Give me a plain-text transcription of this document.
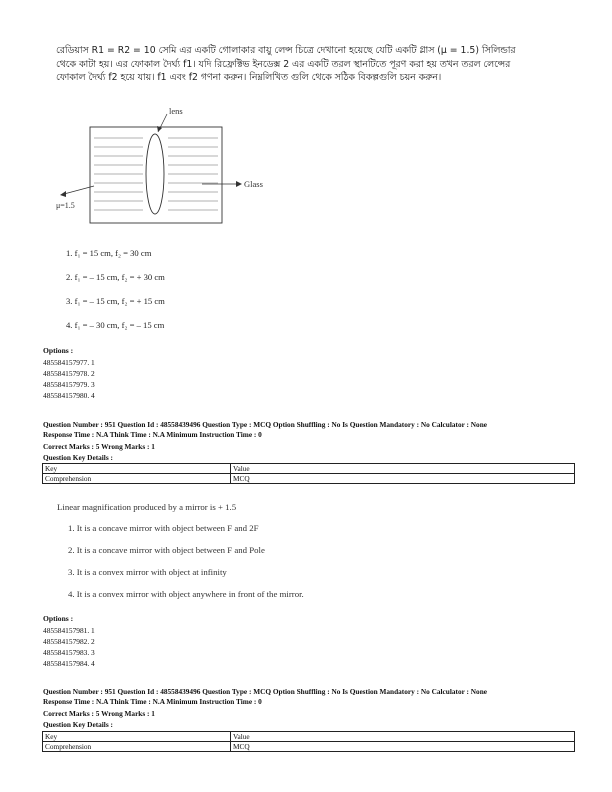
রেডিয়াস R1 = R2 = 10 সেমি এর একটি গোলাকার বায়ু লেন্স চিত্রে দেখানো হয়েছে যেটি একটি গ্লাস (μ = 1.5) সিলিন্ডার থেকে কাটা হয়। এর ফোকাল দৈর্ঘ্য f1। যদি রিফ্রেক্টিভ ইনডেক্স 2 এর একটি তরল স্থানটিতে পূরণ করা হয় তখন তরল লেন্সের ফোকাল দৈর্ঘ্য f2 হয়ে যায়। f1 এবং f2 গণনা করুন। নিম্নলিখিত গুলি থেকে সঠিক বিকল্পগুলি চয়ন করুন।
lens
Glass
μ=1.5
1. f₁ = 15 cm, f₂ = 30 cm
2. f₁ = – 15 cm, f₂ = + 30 cm
3. f₁ = – 15 cm, f₂ = + 15 cm
4. f₁ = – 30 cm, f₂ = – 15 cm
Options :
485584157977. 1
485584157978. 2
485584157979. 3
485584157980. 4
Question Number : 951 Question Id : 48558439496 Question Type : MCQ Option Shuffling : No Is Question Mandatory : No Calculator : None
Response Time : N.A Think Time : N.A Minimum Instruction Time : 0
Correct Marks : 5 Wrong Marks : 1
Question Key Details :
Key	Value
Comprehension	MCQ
Linear magnification produced by a mirror is + 1.5
1. It is a concave mirror with object between F and 2F
2. It is a concave mirror with object between F and Pole
3. It is a convex mirror with object at infinity
4. It is a convex mirror with object anywhere in front of the mirror.
Options :
485584157981. 1
485584157982. 2
485584157983. 3
485584157984. 4
Question Number : 951 Question Id : 48558439496 Question Type : MCQ Option Shuffling : No Is Question Mandatory : No Calculator : None
Response Time : N.A Think Time : N.A Minimum Instruction Time : 0
Correct Marks : 5 Wrong Marks : 1
Question Key Details :
Key	Value
Comprehension	MCQ
